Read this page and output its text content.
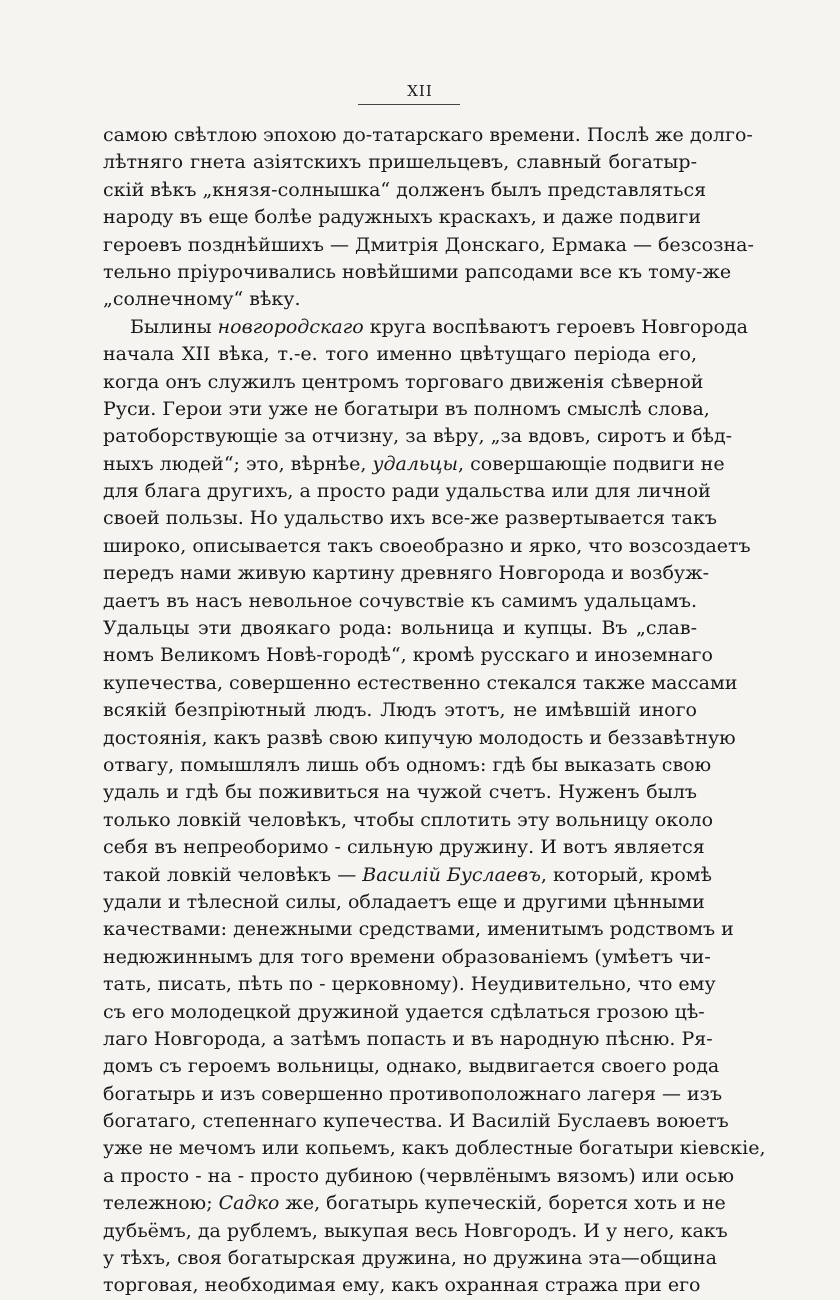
XII
самою свѣтлою эпохою до-татарскаго времени. Послѣ же долго-
лѣтняго гнета азіятскихъ пришельцевъ, славный богатыр-
скій вѣкъ „князя-солнышка“ долженъ былъ представляться
народу въ еще болѣе радужныхъ краскахъ, и даже подвиги
героевъ позднѣйшихъ — Дмитрія Донскаго, Ермака — безсозна-
тельно пріурочивались новѣйшими рапсодами все къ тому-же
„солнечному“ вѣку.
Былины новгородскаго круга воспѣваютъ героевъ Новгорода
начала XII вѣка, т.-е. того именно цвѣтущаго періода его,
когда онъ служилъ центромъ торговаго движенія сѣверной
Руси. Герои эти уже не богатыри въ полномъ смыслѣ слова,
ратоборствующіе за отчизну, за вѣру, „за вдовъ, сиротъ и бѣд-
ныхъ людей“; это, вѣрнѣе, удальцы, совершающіе подвиги не
для блага другихъ, а просто ради удальства или для личной
своей пользы. Но удальство ихъ все-же развертывается такъ
широко, описывается такъ своеобразно и ярко, что возсоздаетъ
передъ нами живую картину древняго Новгорода и возбуж-
даетъ въ насъ невольное сочувствіе къ самимъ удальцамъ.
Удальцы эти двоякаго рода: вольница и купцы. Въ „слав-
номъ Великомъ Новѣ-городѣ“, кромѣ русскаго и иноземнаго
купечества, совершенно естественно стекался также массами
всякій безпріютный людъ. Людъ этотъ, не имѣвшій иного
достоянія, какъ развѣ свою кипучую молодость и беззавѣтную
отвагу, помышлялъ лишь объ одномъ: гдѣ бы выказать свою
удаль и гдѣ бы поживиться на чужой счетъ. Нуженъ былъ
только ловкій человѣкъ, чтобы сплотить эту вольницу около
себя въ непреоборимо - сильную дружину. И вотъ является
такой ловкій человѣкъ — Василій Буслаевъ, который, кромѣ
удали и тѣлесной силы, обладаетъ еще и другими цѣнными
качествами: денежными средствами, именитымъ родствомъ и
недюжиннымъ для того времени образованіемъ (умѣетъ чи-
тать, писать, пѣть по - церковному). Неудивительно, что ему
съ его молодецкой дружиной удается сдѣлаться грозою цѣ-
лаго Новгорода, а затѣмъ попасть и въ народную пѣсню. Ря-
домъ съ героемъ вольницы, однако, выдвигается своего рода
богатырь и изъ совершенно противоположнаго лагеря — изъ
богатаго, степеннаго купечества. И Василій Буслаевъ воюетъ
уже не мечомъ или копьемъ, какъ доблестные богатыри кіевскіе,
а просто - на - просто дубиною (червлёнымъ вязомъ) или осью
тележною; Садко же, богатырь купеческій, борется хоть и не
дубьёмъ, да рублемъ, выкупая весь Новгородъ. И у него, какъ
у тѣхъ, своя богатырская дружина, но дружина эта—община
торговая, необходимая ему, какъ охранная стража при его
